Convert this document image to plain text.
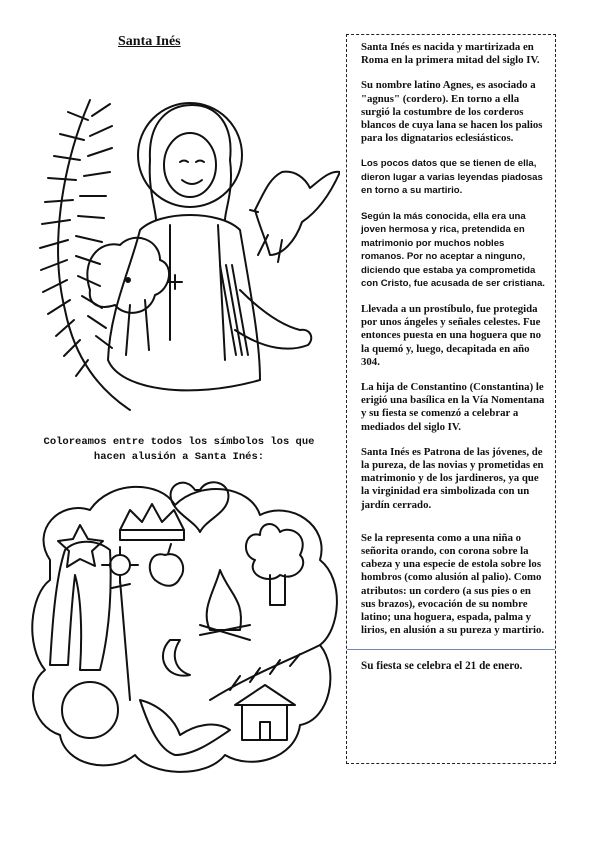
Santa Inés
Coloreamos entre todos los símbolos los que
hacen alusión a Santa Inés:

Santa Inés es nacida y martirizada en Roma en la primera mitad del siglo IV.

Su nombre latino Agnes, es asociado a "agnus" (cordero). En torno a ella surgió la costumbre de los corderos blancos de cuya lana se hacen los palios para los dignatarios eclesiásticos.

Los pocos datos que se tienen de ella, dieron lugar a varias leyendas piadosas en torno a su martirio.

Según la más conocida, ella era una joven hermosa y rica, pretendida en matrimonio por muchos nobles romanos. Por no aceptar a ninguno, diciendo que estaba ya comprometida con Cristo, fue acusada de ser cristiana.

Llevada a un prostíbulo, fue protegida por unos ángeles y señales celestes. Fue entonces puesta en una hoguera que no la quemó y, luego, decapitada en año 304.

La hija de Constantino (Constantina) le erigió una basílica en la Vía Nomentana y su fiesta se comenzó a celebrar a mediados del siglo IV.

Santa Inés es Patrona de las jóvenes, de la pureza, de las novias y prometidas en matrimonio y de los jardineros, ya que la virginidad era simbolizada con un jardín cerrado.

Se la representa como a una niña o señorita orando, con corona sobre la cabeza y una especie de estola sobre los hombros (como alusión al palio). Como atributos: un cordero (a sus pies o en sus brazos), evocación de su nombre latino; una hoguera, espada, palma y lirios, en alusión a su pureza y martirio.

Su fiesta se celebra el 21 de enero.
